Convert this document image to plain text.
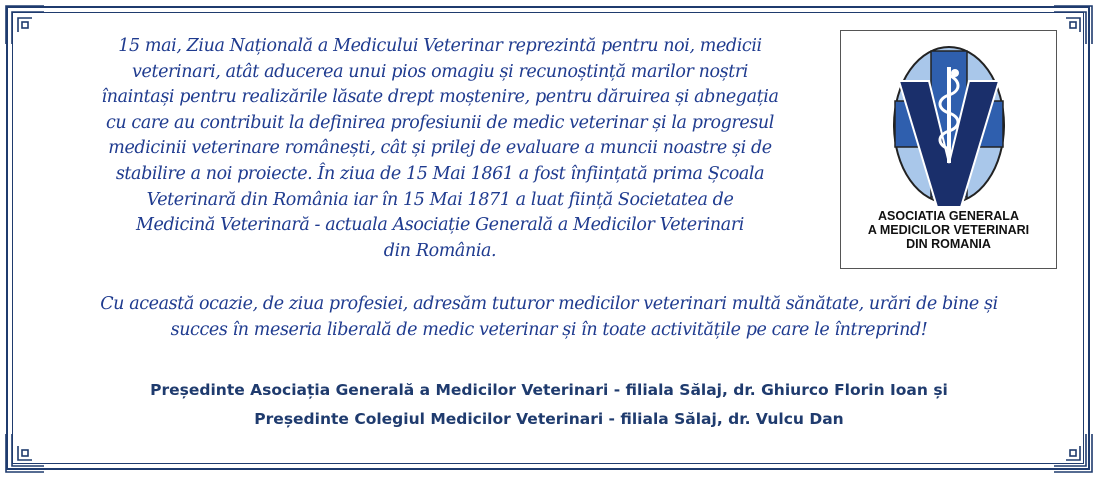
15 mai, Ziua Națională a Medicului Veterinar reprezintă pentru noi, medicii
veterinari, atât aducerea unui pios omagiu și recunoștință marilor noștri
înaintași pentru realizările lăsate drept moștenire, pentru dăruirea și abnegația
cu care au contribuit la definirea profesiunii de medic veterinar și la progresul
medicinii veterinare românești, cât și prilej de evaluare a muncii noastre și de
stabilire a noi proiecte. În ziua de 15 Mai 1861 a fost înființată prima Școala
Veterinară din România iar în 15 Mai 1871 a luat ființă Societatea de
Medicină Veterinară - actuala Asociație Generală a Medicilor Veterinari
din România.
Cu această ocazie, de ziua profesiei, adresăm tuturor medicilor veterinari multă sănătate, urări de bine și
succes în meseria liberală de medic veterinar și în toate activitățile pe care le întreprind!
Președinte Asociația Generală a Medicilor Veterinari - filiala Sălaj, dr. Ghiurco Florin Ioan și
Președinte Colegiul Medicilor Veterinari - filiala Sălaj, dr. Vulcu Dan
ASOCIATIA GENERALA
A MEDICILOR VETERINARI
DIN ROMANIA
